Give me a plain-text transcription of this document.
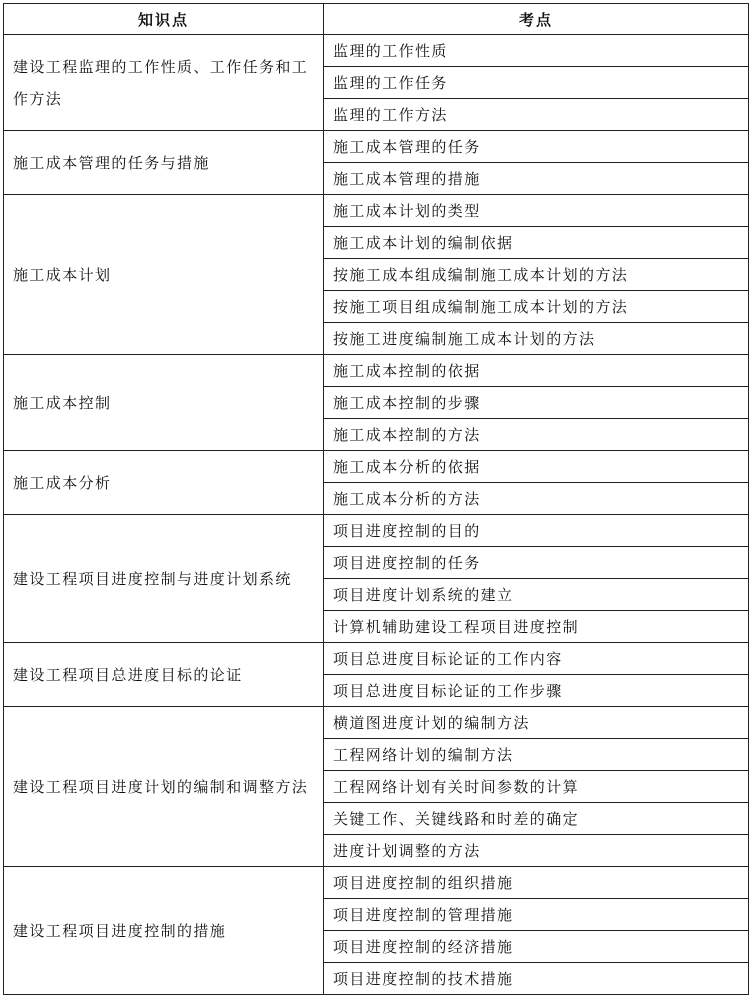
知识点	考点
建设工程监理的工作性质、工作任务和工作方法	监理的工作性质
	监理的工作任务
	监理的工作方法
施工成本管理的任务与措施	施工成本管理的任务
	施工成本管理的措施
施工成本计划	施工成本计划的类型
	施工成本计划的编制依据
	按施工成本组成编制施工成本计划的方法
	按施工项目组成编制施工成本计划的方法
	按施工进度编制施工成本计划的方法
施工成本控制	施工成本控制的依据
	施工成本控制的步骤
	施工成本控制的方法
施工成本分析	施工成本分析的依据
	施工成本分析的方法
建设工程项目进度控制与进度计划系统	项目进度控制的目的
	项目进度控制的任务
	项目进度计划系统的建立
	计算机辅助建设工程项目进度控制
建设工程项目总进度目标的论证	项目总进度目标论证的工作内容
	项目总进度目标论证的工作步骤
建设工程项目进度计划的编制和调整方法	横道图进度计划的编制方法
	工程网络计划的编制方法
	工程网络计划有关时间参数的计算
	关键工作、关键线路和时差的确定
	进度计划调整的方法
建设工程项目进度控制的措施	项目进度控制的组织措施
	项目进度控制的管理措施
	项目进度控制的经济措施
	项目进度控制的技术措施
